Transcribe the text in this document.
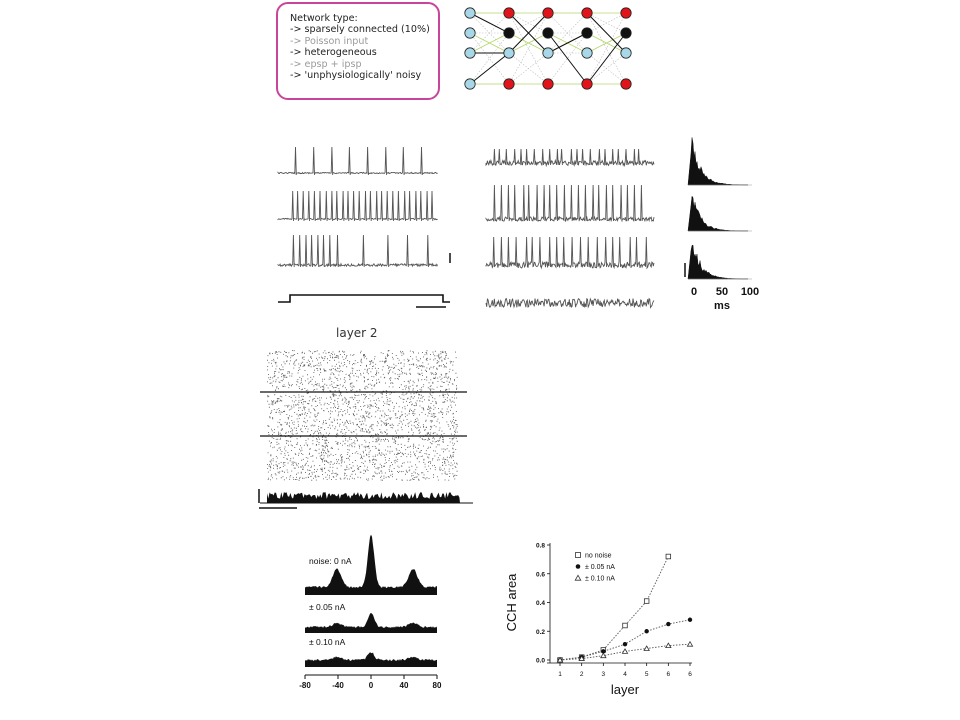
Network type:
-> sparsely connected (10%)
-> Poisson input
-> heterogeneous
-> epsp + ipsp
-> 'unphysiologically' noisy
0 50 100
ms
layer 2
noise: 0 nA
± 0.05 nA
± 0.10 nA
-80	-40	0	40	80
0.0
0.2
0.4
0.6
0.8
1	2	3	4	5	6	6
layer
CCH area
no noise
± 0.05 nA
± 0.10 nA
